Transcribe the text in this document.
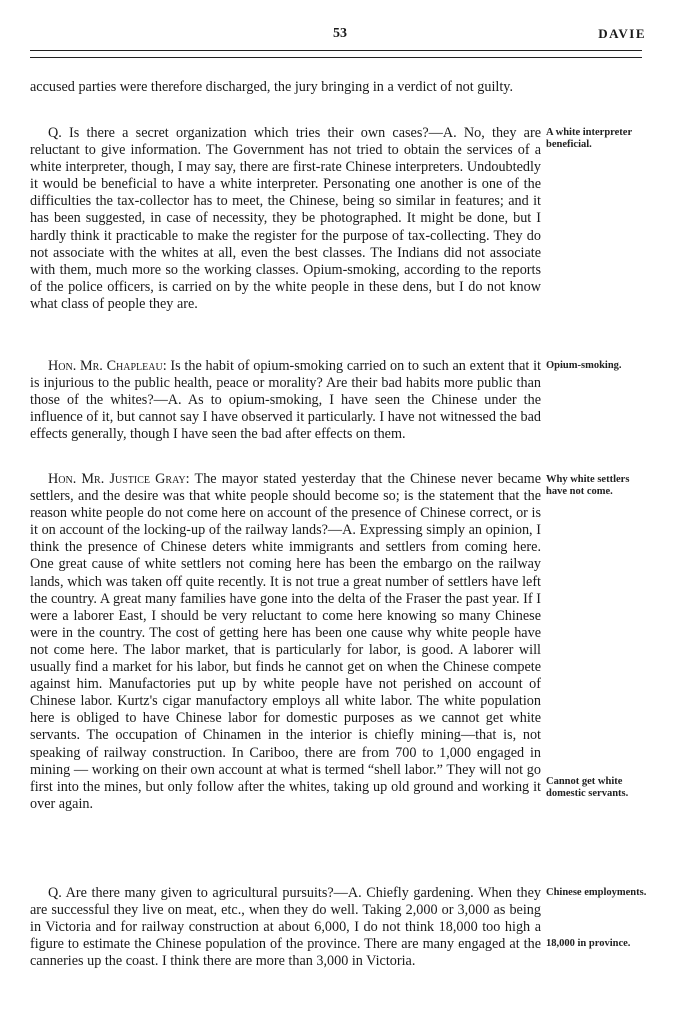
53	DAVIE
accused parties were therefore discharged, the jury bringing in a verdict of not guilty.
Q. Is there a secret organization which tries their own cases?—A. No, they are reluctant to give information. The Government has not tried to obtain the services of a white interpreter, though, I may say, there are first-rate Chinese interpreters. Undoubtedly it would be beneficial to have a white interpreter. Personating one another is one of the difficulties the tax-collector has to meet, the Chinese, being so similar in features; and it has been suggested, in case of necessity, they be photographed. It might be done, but I hardly think it practicable to make the register for the purpose of tax-collecting. They do not associate with the whites at all, even the best classes. The Indians did not associate with them, much more so the working classes. Opium-smoking, according to the reports of the police officers, is carried on by the white people in these dens, but I do not know what class of people they are.
Hon. Mr. Chapleau: Is the habit of opium-smoking carried on to such an extent that it is injurious to the public health, peace or morality? Are their bad habits more public than those of the whites?—A. As to opium-smoking, I have seen the Chinese under the influence of it, but cannot say I have observed it particularly. I have not witnessed the bad effects generally, though I have seen the bad after effects on them.
Hon. Mr. Justice Gray: The mayor stated yesterday that the Chinese never became settlers, and the desire was that white people should become so; is the statement that the reason white people do not come here on account of the presence of Chinese correct, or is it on account of the locking-up of the railway lands?—A. Expressing simply an opinion, I think the presence of Chinese deters white immigrants and settlers from coming here. One great cause of white settlers not coming here has been the embargo on the railway lands, which was taken off quite recently. It is not true a great number of settlers have left the country. A great many families have gone into the delta of the Fraser the past year. If I were a laborer East, I should be very reluctant to come here knowing so many Chinese were in the country. The cost of getting here has been one cause why white people have not come here. The labor market, that is particularly for labor, is good. A laborer will usually find a market for his labor, but finds he cannot get on when the Chinese compete against him. Manufactories put up by white people have not perished on account of Chinese labor. Kurtz's cigar manufactory employs all white labor. The white population here is obliged to have Chinese labor for domestic purposes as we cannot get white servants. The occupation of Chinamen in the interior is chiefly mining—that is, not speaking of railway construction. In Cariboo, there are from 700 to 1,000 engaged in mining — working on their own account at what is termed “shell labor.” They will not go first into the mines, but only follow after the whites, taking up old ground and working it over again.
Q. Are there many given to agricultural pursuits?—A. Chiefly gardening. When they are successful they live on meat, etc., when they do well. Taking 2,000 or 3,000 as being in Victoria and for railway construction at about 6,000, I do not think 18,000 too high a figure to estimate the Chinese population of the province. There are many engaged at the canneries up the coast. I think there are more than 3,000 in Victoria.
A white interpreter beneficial.
Opium-smoking.
Why white settlers have not come.
Cannot get white domestic servants.
Chinese employments.
18,000 in province.
